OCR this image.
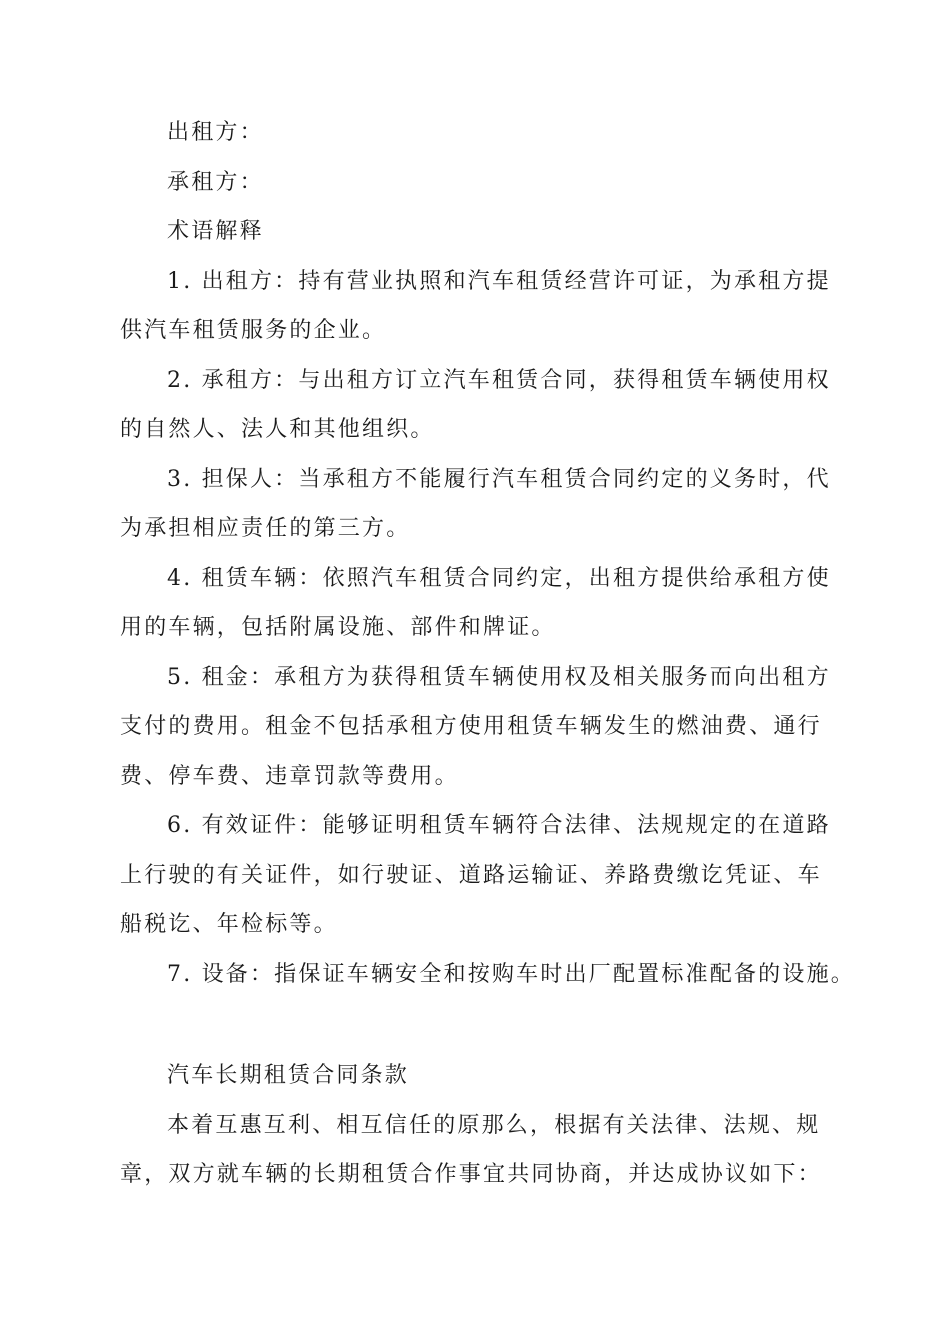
出租方：

承租方：

术语解释

1. 出租方：持有营业执照和汽车租赁经营许可证，为承租方提

供汽车租赁服务的企业。

2. 承租方：与出租方订立汽车租赁合同，获得租赁车辆使用权

的自然人、法人和其他组织。

3. 担保人：当承租方不能履行汽车租赁合同约定的义务时，代

为承担相应责任的第三方。

4. 租赁车辆：依照汽车租赁合同约定，出租方提供给承租方使

用的车辆，包括附属设施、部件和牌证。

5. 租金：承租方为获得租赁车辆使用权及相关服务而向出租方

支付的费用。租金不包括承租方使用租赁车辆发生的燃油费、通行

费、停车费、违章罚款等费用。

6. 有效证件：能够证明租赁车辆符合法律、法规规定的在道路

上行驶的有关证件，如行驶证、道路运输证、养路费缴讫凭证、车

船税讫、年检标等。

7. 设备：指保证车辆安全和按购车时出厂配置标准配备的设施。

汽车长期租赁合同条款

本着互惠互利、相互信任的原那么，根据有关法律、法规、规

章，双方就车辆的长期租赁合作事宜共同协商，并达成协议如下：
